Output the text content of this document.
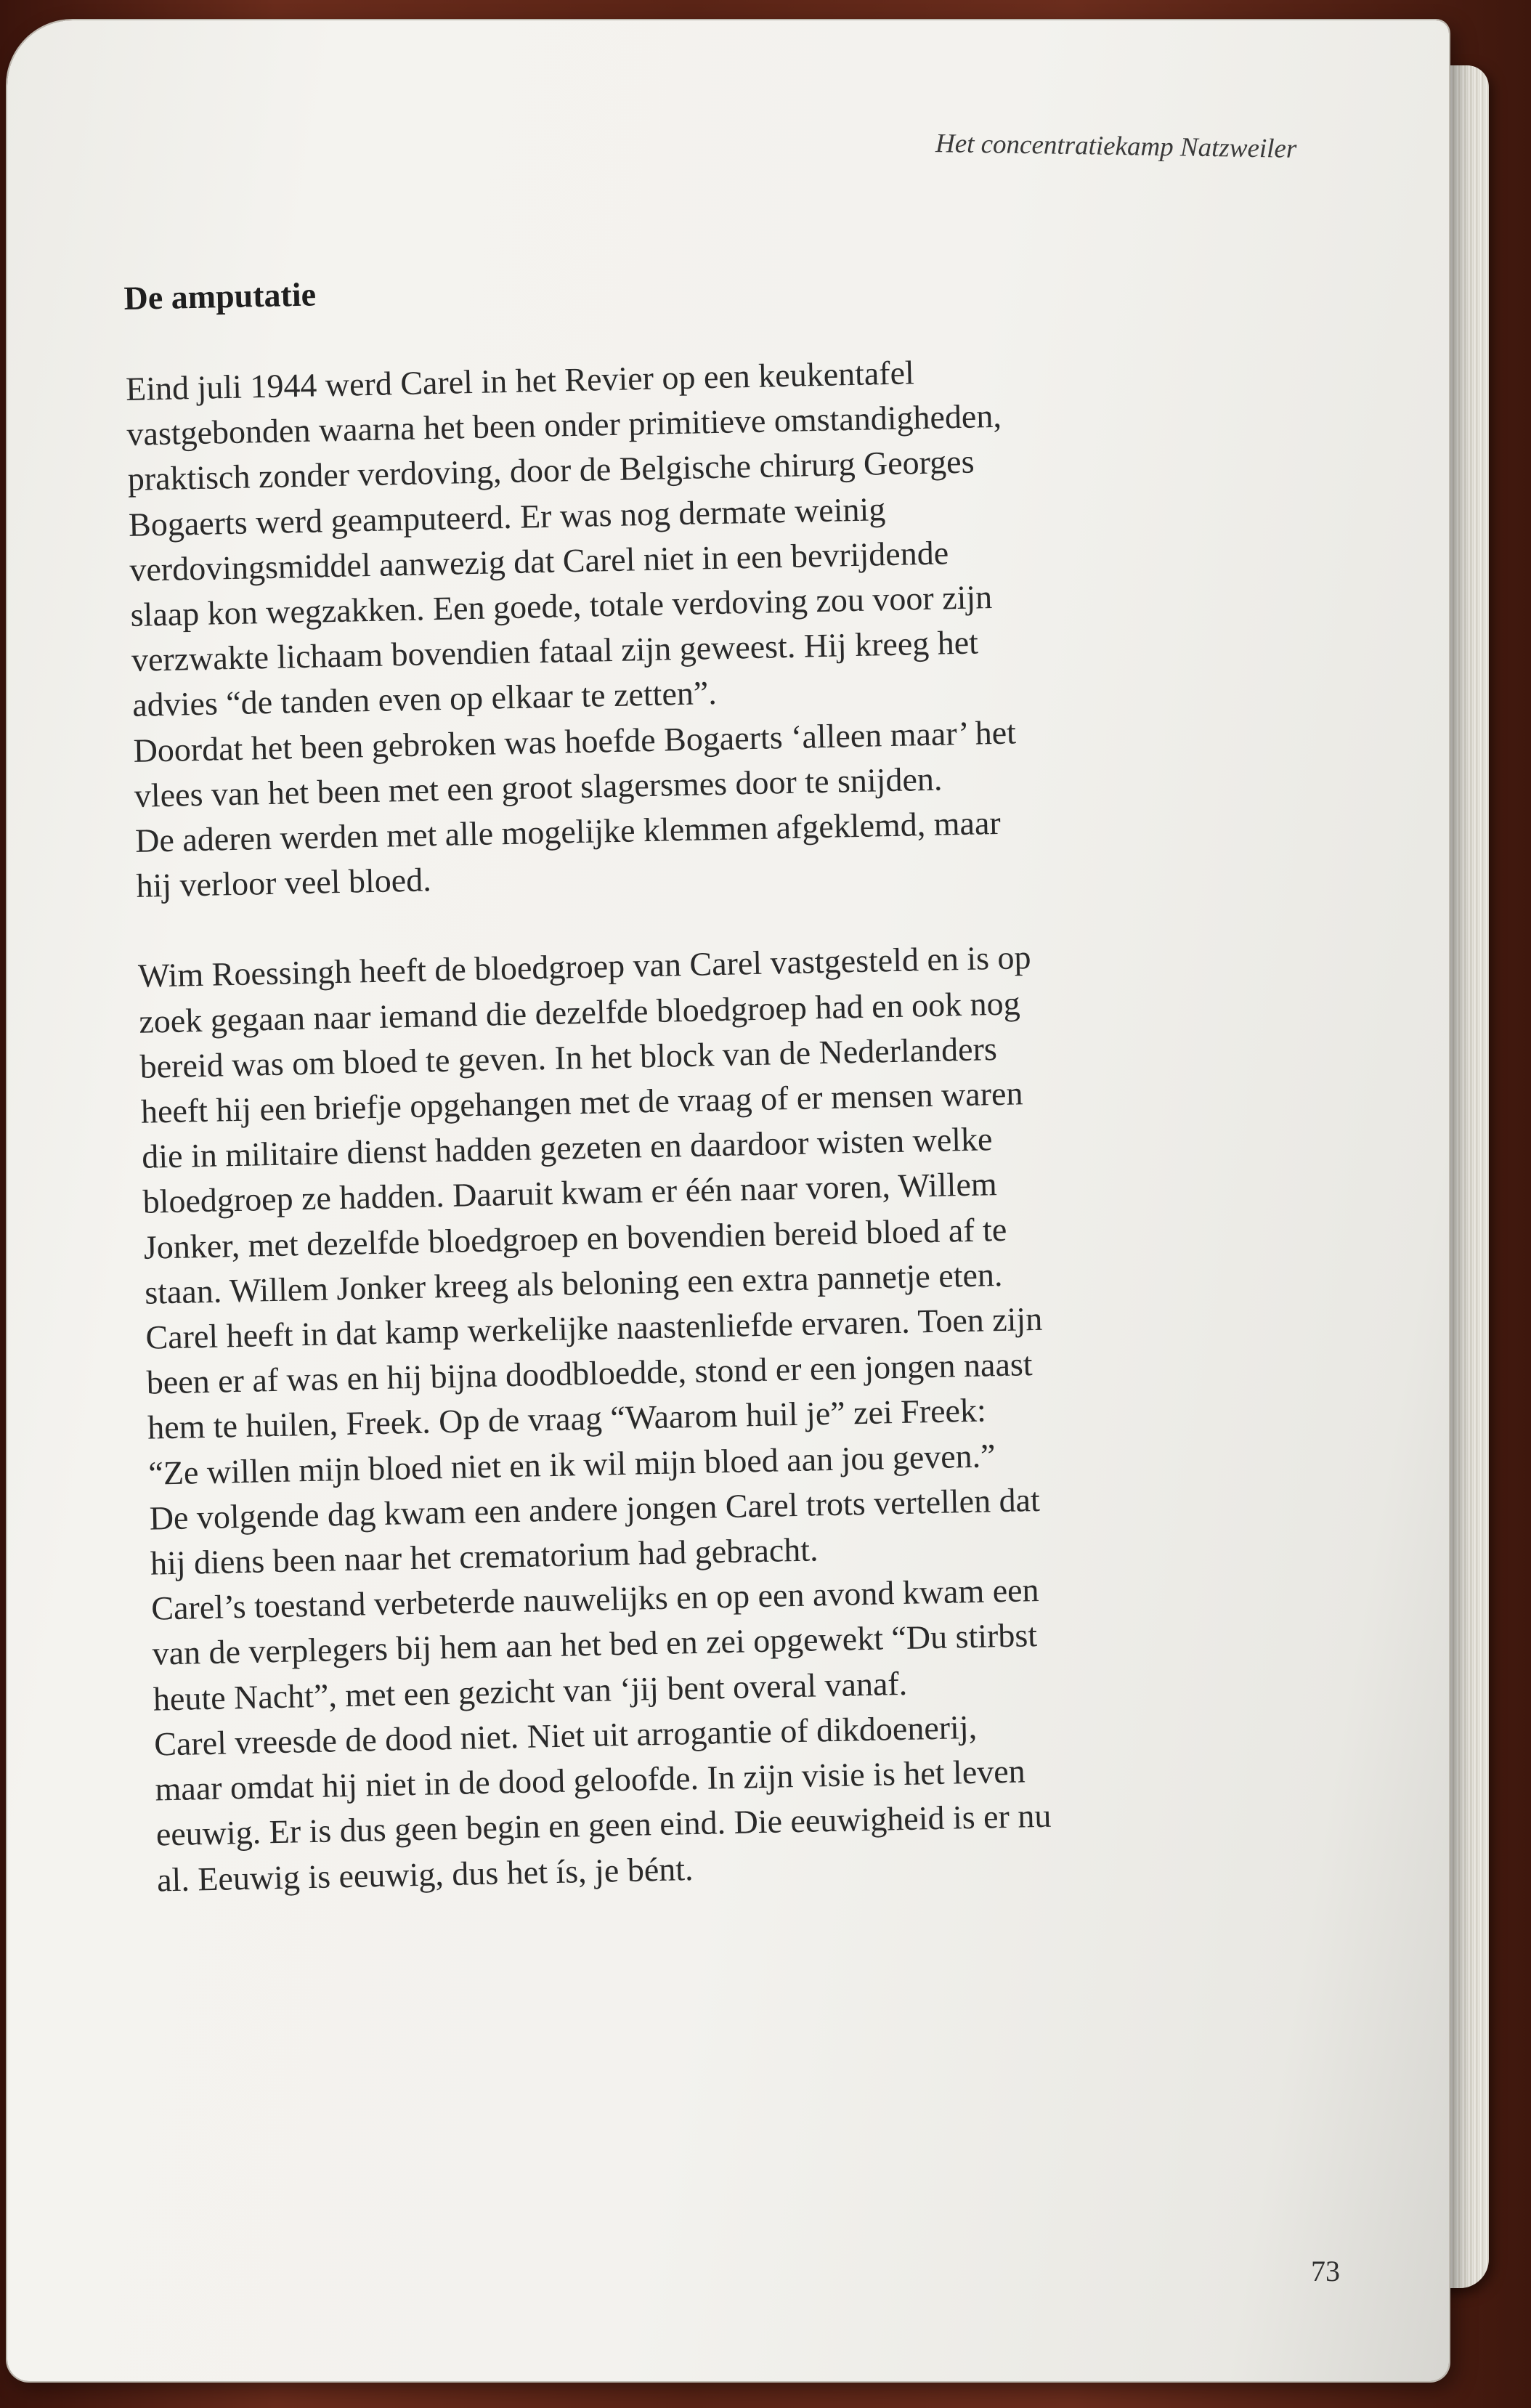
Het concentratiekamp Natzweiler
De amputatie

Eind juli 1944 werd Carel in het Revier op een keukentafel
vastgebonden waarna het been onder primitieve omstandigheden,
praktisch zonder verdoving, door de Belgische chirurg Georges
Bogaerts werd geamputeerd. Er was nog dermate weinig
verdovingsmiddel aanwezig dat Carel niet in een bevrijdende
slaap kon wegzakken. Een goede, totale verdoving zou voor zijn
verzwakte lichaam bovendien fataal zijn geweest. Hij kreeg het
advies “de tanden even op elkaar te zetten”.
Doordat het been gebroken was hoefde Bogaerts ‘alleen maar’ het
vlees van het been met een groot slagersmes door te snijden.
De aderen werden met alle mogelijke klemmen afgeklemd, maar
hij verloor veel bloed.

Wim Roessingh heeft de bloedgroep van Carel vastgesteld en is op
zoek gegaan naar iemand die dezelfde bloedgroep had en ook nog
bereid was om bloed te geven. In het block van de Nederlanders
heeft hij een briefje opgehangen met de vraag of er mensen waren
die in militaire dienst hadden gezeten en daardoor wisten welke
bloedgroep ze hadden. Daaruit kwam er één naar voren, Willem
Jonker, met dezelfde bloedgroep en bovendien bereid bloed af te
staan. Willem Jonker kreeg als beloning een extra pannetje eten.
Carel heeft in dat kamp werkelijke naastenliefde ervaren. Toen zijn
been er af was en hij bijna doodbloedde, stond er een jongen naast
hem te huilen, Freek. Op de vraag “Waarom huil je” zei Freek:
“Ze willen mijn bloed niet en ik wil mijn bloed aan jou geven.”
De volgende dag kwam een andere jongen Carel trots vertellen dat
hij diens been naar het crematorium had gebracht.
Carel’s toestand verbeterde nauwelijks en op een avond kwam een
van de verplegers bij hem aan het bed en zei opgewekt “Du stirbst
heute Nacht”, met een gezicht van ‘jij bent overal vanaf.
Carel vreesde de dood niet. Niet uit arrogantie of dikdoenerij,
maar omdat hij niet in de dood geloofde. In zijn visie is het leven
eeuwig. Er is dus geen begin en geen eind. Die eeuwigheid is er nu
al. Eeuwig is eeuwig, dus het ís, je bént.

73
